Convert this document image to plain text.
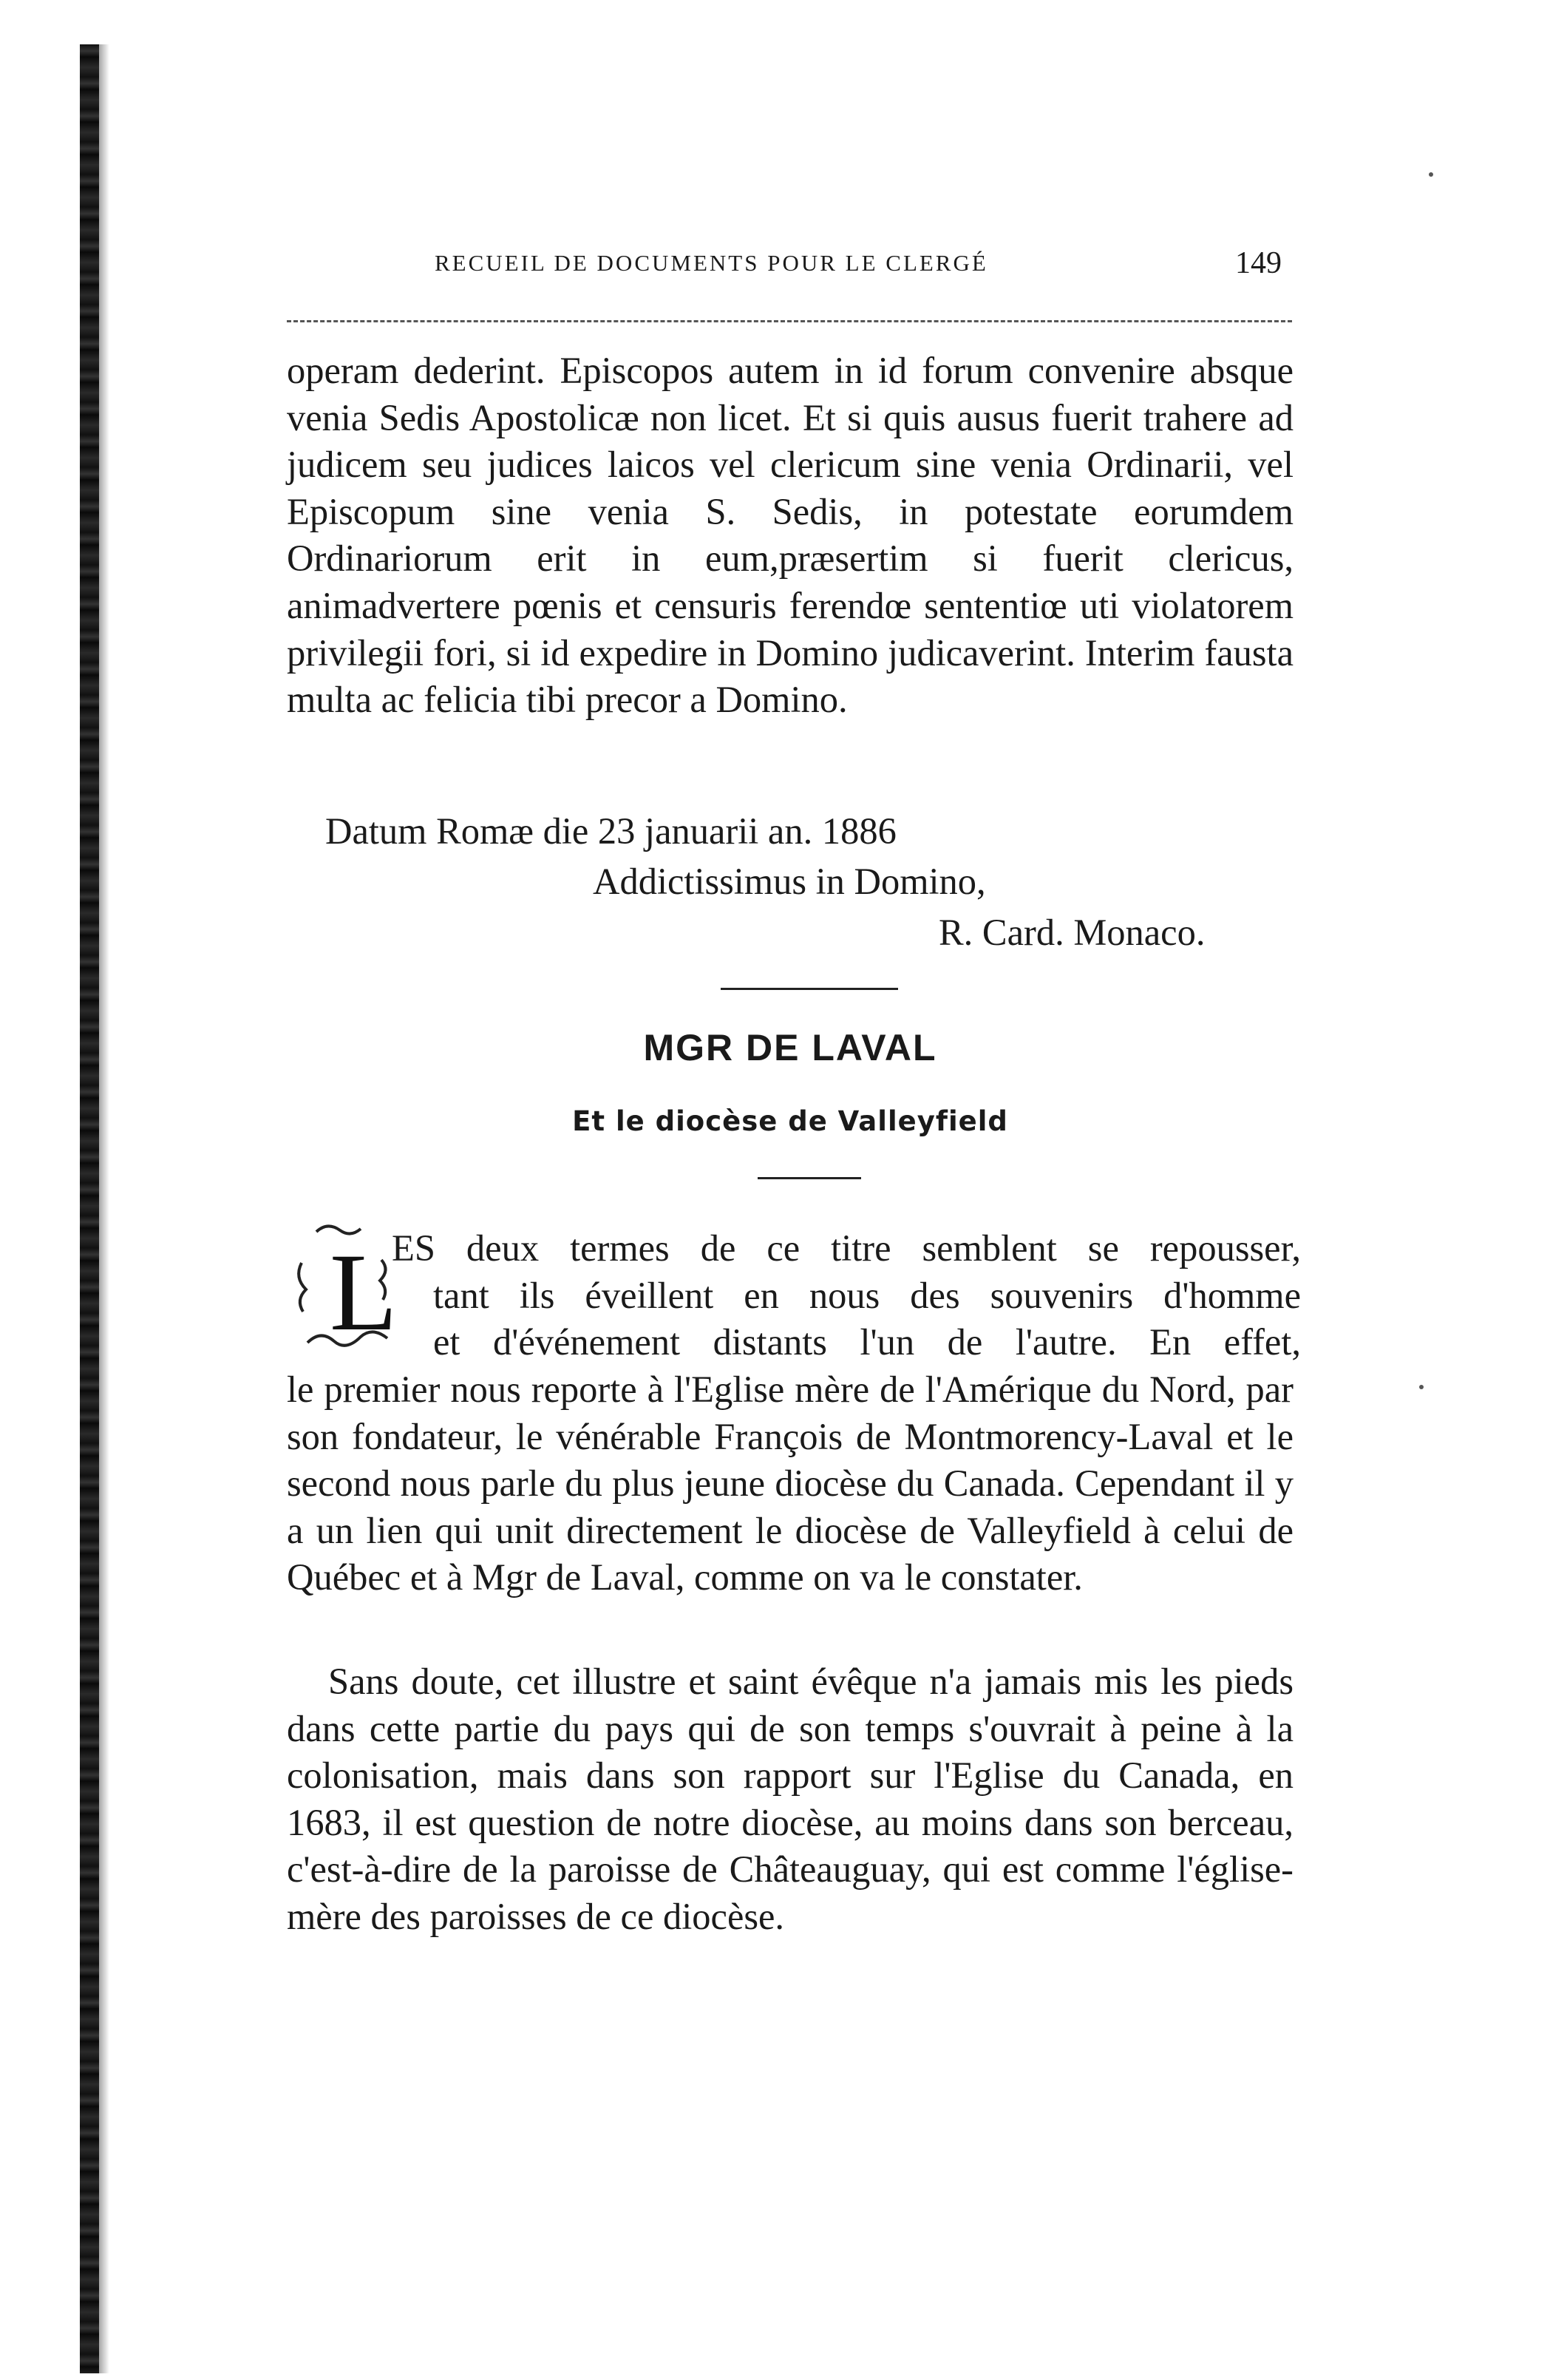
RECUEIL DE DOCUMENTS POUR LE CLERGÉ	149
operam dederint. Episcopos autem in id forum convenire absque venia Sedis Apostolicæ non licet. Et si quis ausus fuerit trahere ad judicem seu judices laicos vel clericum sine venia Ordinarii, vel Episcopum sine venia S. Sedis, in potestate eorumdem Ordinariorum erit in eum,præsertim si fuerit clericus, animadvertere pœnis et censuris ferendœ sententiœ uti violatorem privilegii fori, si id expedire in Domino judicaverint. Interim fausta multa ac felicia tibi precor a Domino.
Datum Romæ die 23 januarii an. 1886
Addictissimus in Domino,
R. Card. Monaco.
MGR DE LAVAL
Et le diocèse de Valleyfield
L
ES deux termes de ce titre semblent se repousser,
tant ils éveillent en nous des souvenirs d'homme
et d'événement distants l'un de l'autre. En effet,
le premier nous reporte à l'Eglise mère de l'Amérique du Nord, par son fondateur, le vénérable François de Montmorency-Laval et le second nous parle du plus jeune diocèse du Canada. Cependant il y a un lien qui unit directement le diocèse de Valleyfield à celui de Québec et à Mgr de Laval, comme on va le constater.
Sans doute, cet illustre et saint évêque n'a jamais mis les pieds dans cette partie du pays qui de son temps s'ouvrait à peine à la colonisation, mais dans son rapport sur l'Eglise du Canada, en 1683, il est question de notre diocèse, au moins dans son berceau, c'est-à-dire de la paroisse de Châteauguay, qui est comme l'église-mère des paroisses de ce diocèse.
